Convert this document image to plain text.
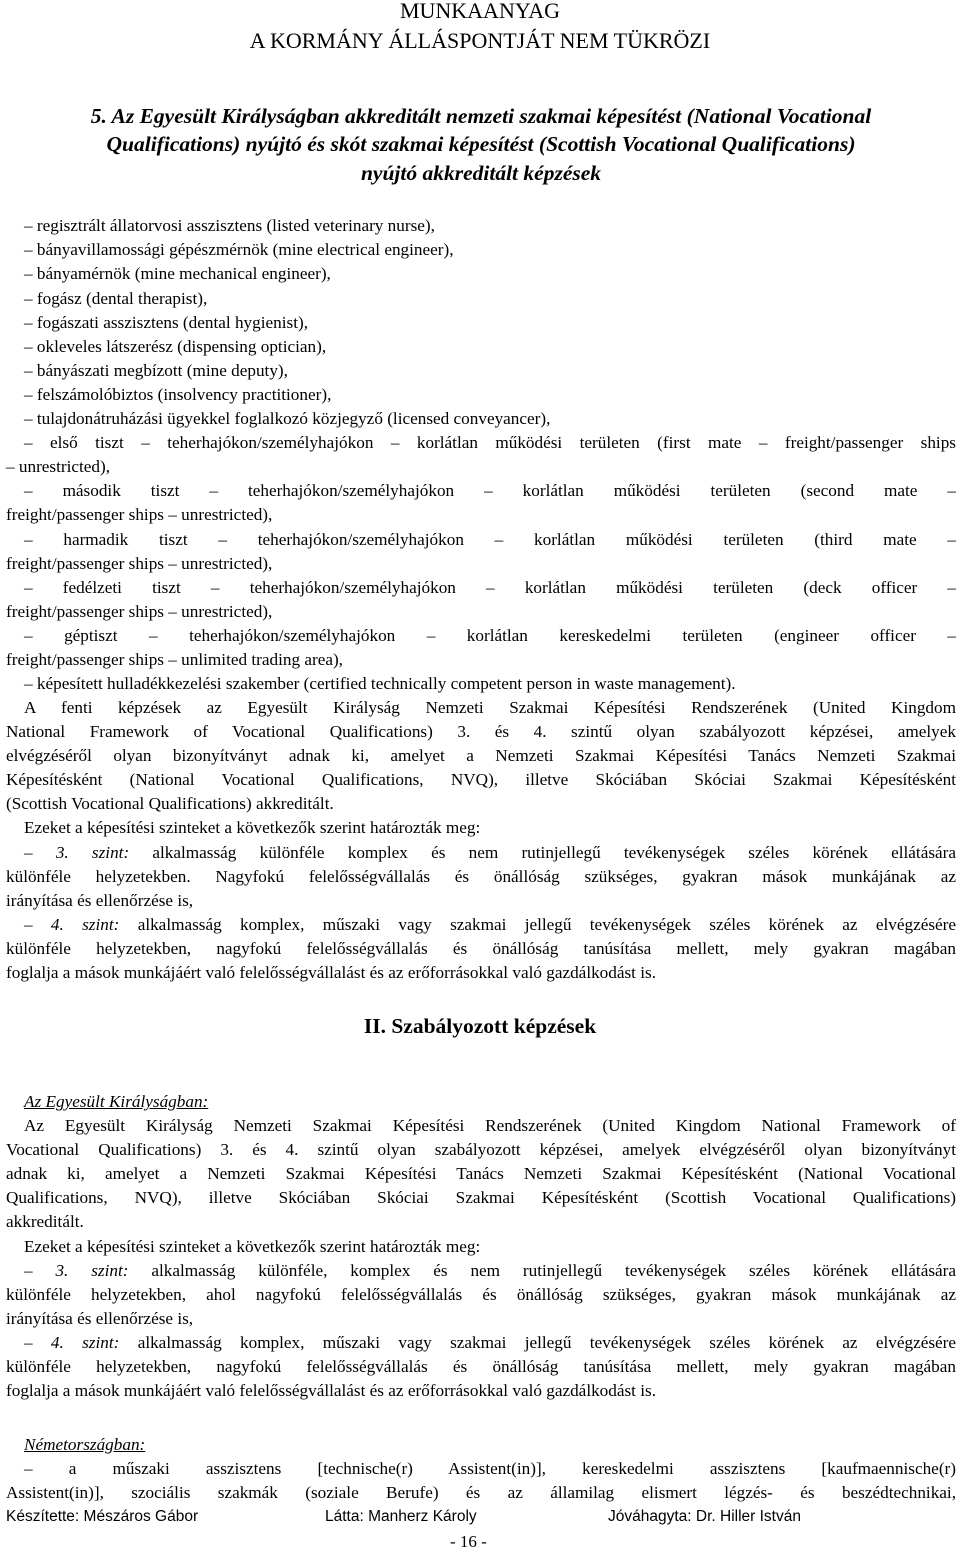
MUNKAANYAG
A KORMÁNY ÁLLÁSPONTJÁT NEM TÜKRÖZI
5. Az Egyesült Királyságban akkreditált nemzeti szakmai képesítést (National Vocational
Qualifications) nyújtó és skót szakmai képesítést (Scottish Vocational Qualifications)
nyújtó akkreditált képzések
– regisztrált állatorvosi asszisztens (listed veterinary nurse),
– bányavillamossági gépészmérnök (mine electrical engineer),
– bányamérnök (mine mechanical engineer),
– fogász (dental therapist),
– fogászati asszisztens (dental hygienist),
– okleveles látszerész (dispensing optician),
– bányászati megbízott (mine deputy),
– felszámolóbiztos (insolvency practitioner),
– tulajdonátruházási ügyekkel foglalkozó közjegyző (licensed conveyancer),
– első tiszt – teherhajókon/személyhajókon – korlátlan működési területen (first mate – freight/passenger ships
– unrestricted),
– második tiszt – teherhajókon/személyhajókon – korlátlan működési területen (second mate –
freight/passenger ships – unrestricted),
– harmadik tiszt – teherhajókon/személyhajókon – korlátlan működési területen (third mate –
freight/passenger ships – unrestricted),
– fedélzeti tiszt – teherhajókon/személyhajókon – korlátlan működési területen (deck officer –
freight/passenger ships – unrestricted),
– géptiszt – teherhajókon/személyhajókon – korlátlan kereskedelmi területen (engineer officer –
freight/passenger ships – unlimited trading area),
– képesített hulladékkezelési szakember (certified technically competent person in waste management).
A fenti képzések az Egyesült Királyság Nemzeti Szakmai Képesítési Rendszerének (United Kingdom
National Framework of Vocational Qualifications) 3. és 4. szintű olyan szabályozott képzései, amelyek
elvégzéséről olyan bizonyítványt adnak ki, amelyet a Nemzeti Szakmai Képesítési Tanács Nemzeti Szakmai
Képesítésként (National Vocational Qualifications, NVQ), illetve Skóciában Skóciai Szakmai Képesítésként
(Scottish Vocational Qualifications) akkreditált.
Ezeket a képesítési szinteket a következők szerint határozták meg:
– 3. szint: alkalmasság különféle komplex és nem rutinjellegű tevékenységek széles körének ellátására
különféle helyzetekben. Nagyfokú felelősségvállalás és önállóság szükséges, gyakran mások munkájának az
irányítása és ellenőrzése is,
– 4. szint: alkalmasság komplex, műszaki vagy szakmai jellegű tevékenységek széles körének az elvégzésére
különféle helyzetekben, nagyfokú felelősségvállalás és önállóság tanúsítása mellett, mely gyakran magában
foglalja a mások munkájáért való felelősségvállalást és az erőforrásokkal való gazdálkodást is.
II. Szabályozott képzések
Az Egyesült Királyságban:
Az Egyesült Királyság Nemzeti Szakmai Képesítési Rendszerének (United Kingdom National Framework of
Vocational Qualifications) 3. és 4. szintű olyan szabályozott képzései, amelyek elvégzéséről olyan bizonyítványt
adnak ki, amelyet a Nemzeti Szakmai Képesítési Tanács Nemzeti Szakmai Képesítésként (National Vocational
Qualifications, NVQ), illetve Skóciában Skóciai Szakmai Képesítésként (Scottish Vocational Qualifications)
akkreditált.
Ezeket a képesítési szinteket a következők szerint határozták meg:
– 3. szint: alkalmasság különféle, komplex és nem rutinjellegű tevékenységek széles körének ellátására
különféle helyzetekben, ahol nagyfokú felelősségvállalás és önállóság szükséges, gyakran mások munkájának az
irányítása és ellenőrzése is,
– 4. szint: alkalmasság komplex, műszaki vagy szakmai jellegű tevékenységek széles körének az elvégzésére
különféle helyzetekben, nagyfokú felelősségvállalás és önállóság tanúsítása mellett, mely gyakran magában
foglalja a mások munkájáért való felelősségvállalást és az erőforrásokkal való gazdálkodást is.
Németországban:
– a műszaki asszisztens [technische(r) Assistent(in)], kereskedelmi asszisztens [kaufmaennische(r)
Assistent(in)], szociális szakmák (soziale Berufe) és az államilag elismert légzés- és beszédtechnikai,
Készítette: Mészáros Gábor	Látta: Manherz Károly	Jóváhagyta: Dr. Hiller István
- 16 -
